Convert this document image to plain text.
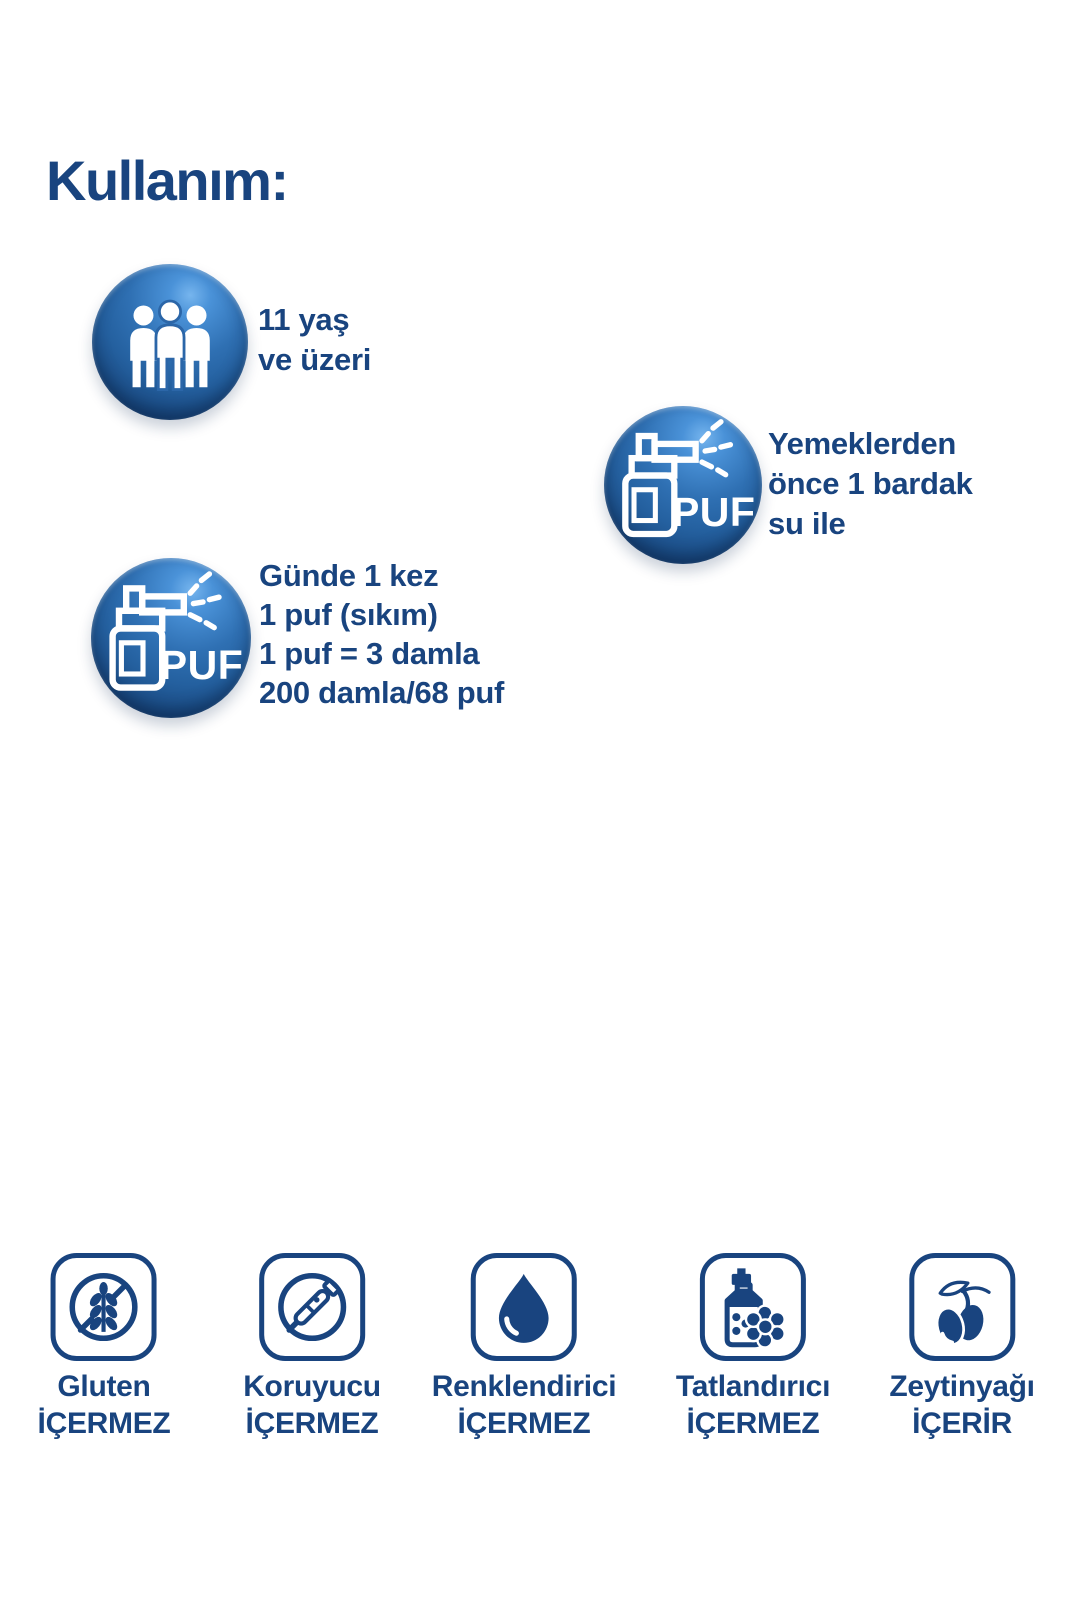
Kullanım:
11 yaş
ve üzeri
PUF
Yemeklerden
önce 1 bardak
su ile
PUF
Günde 1 kez
1 puf (sıkım)
1 puf = 3 damla
200 damla/68 puf
Gluten
İÇERMEZ
Koruyucu
İÇERMEZ
Renklendirici
İÇERMEZ
Tatlandırıcı
İÇERMEZ
Zeytinyağı
İÇERİR
